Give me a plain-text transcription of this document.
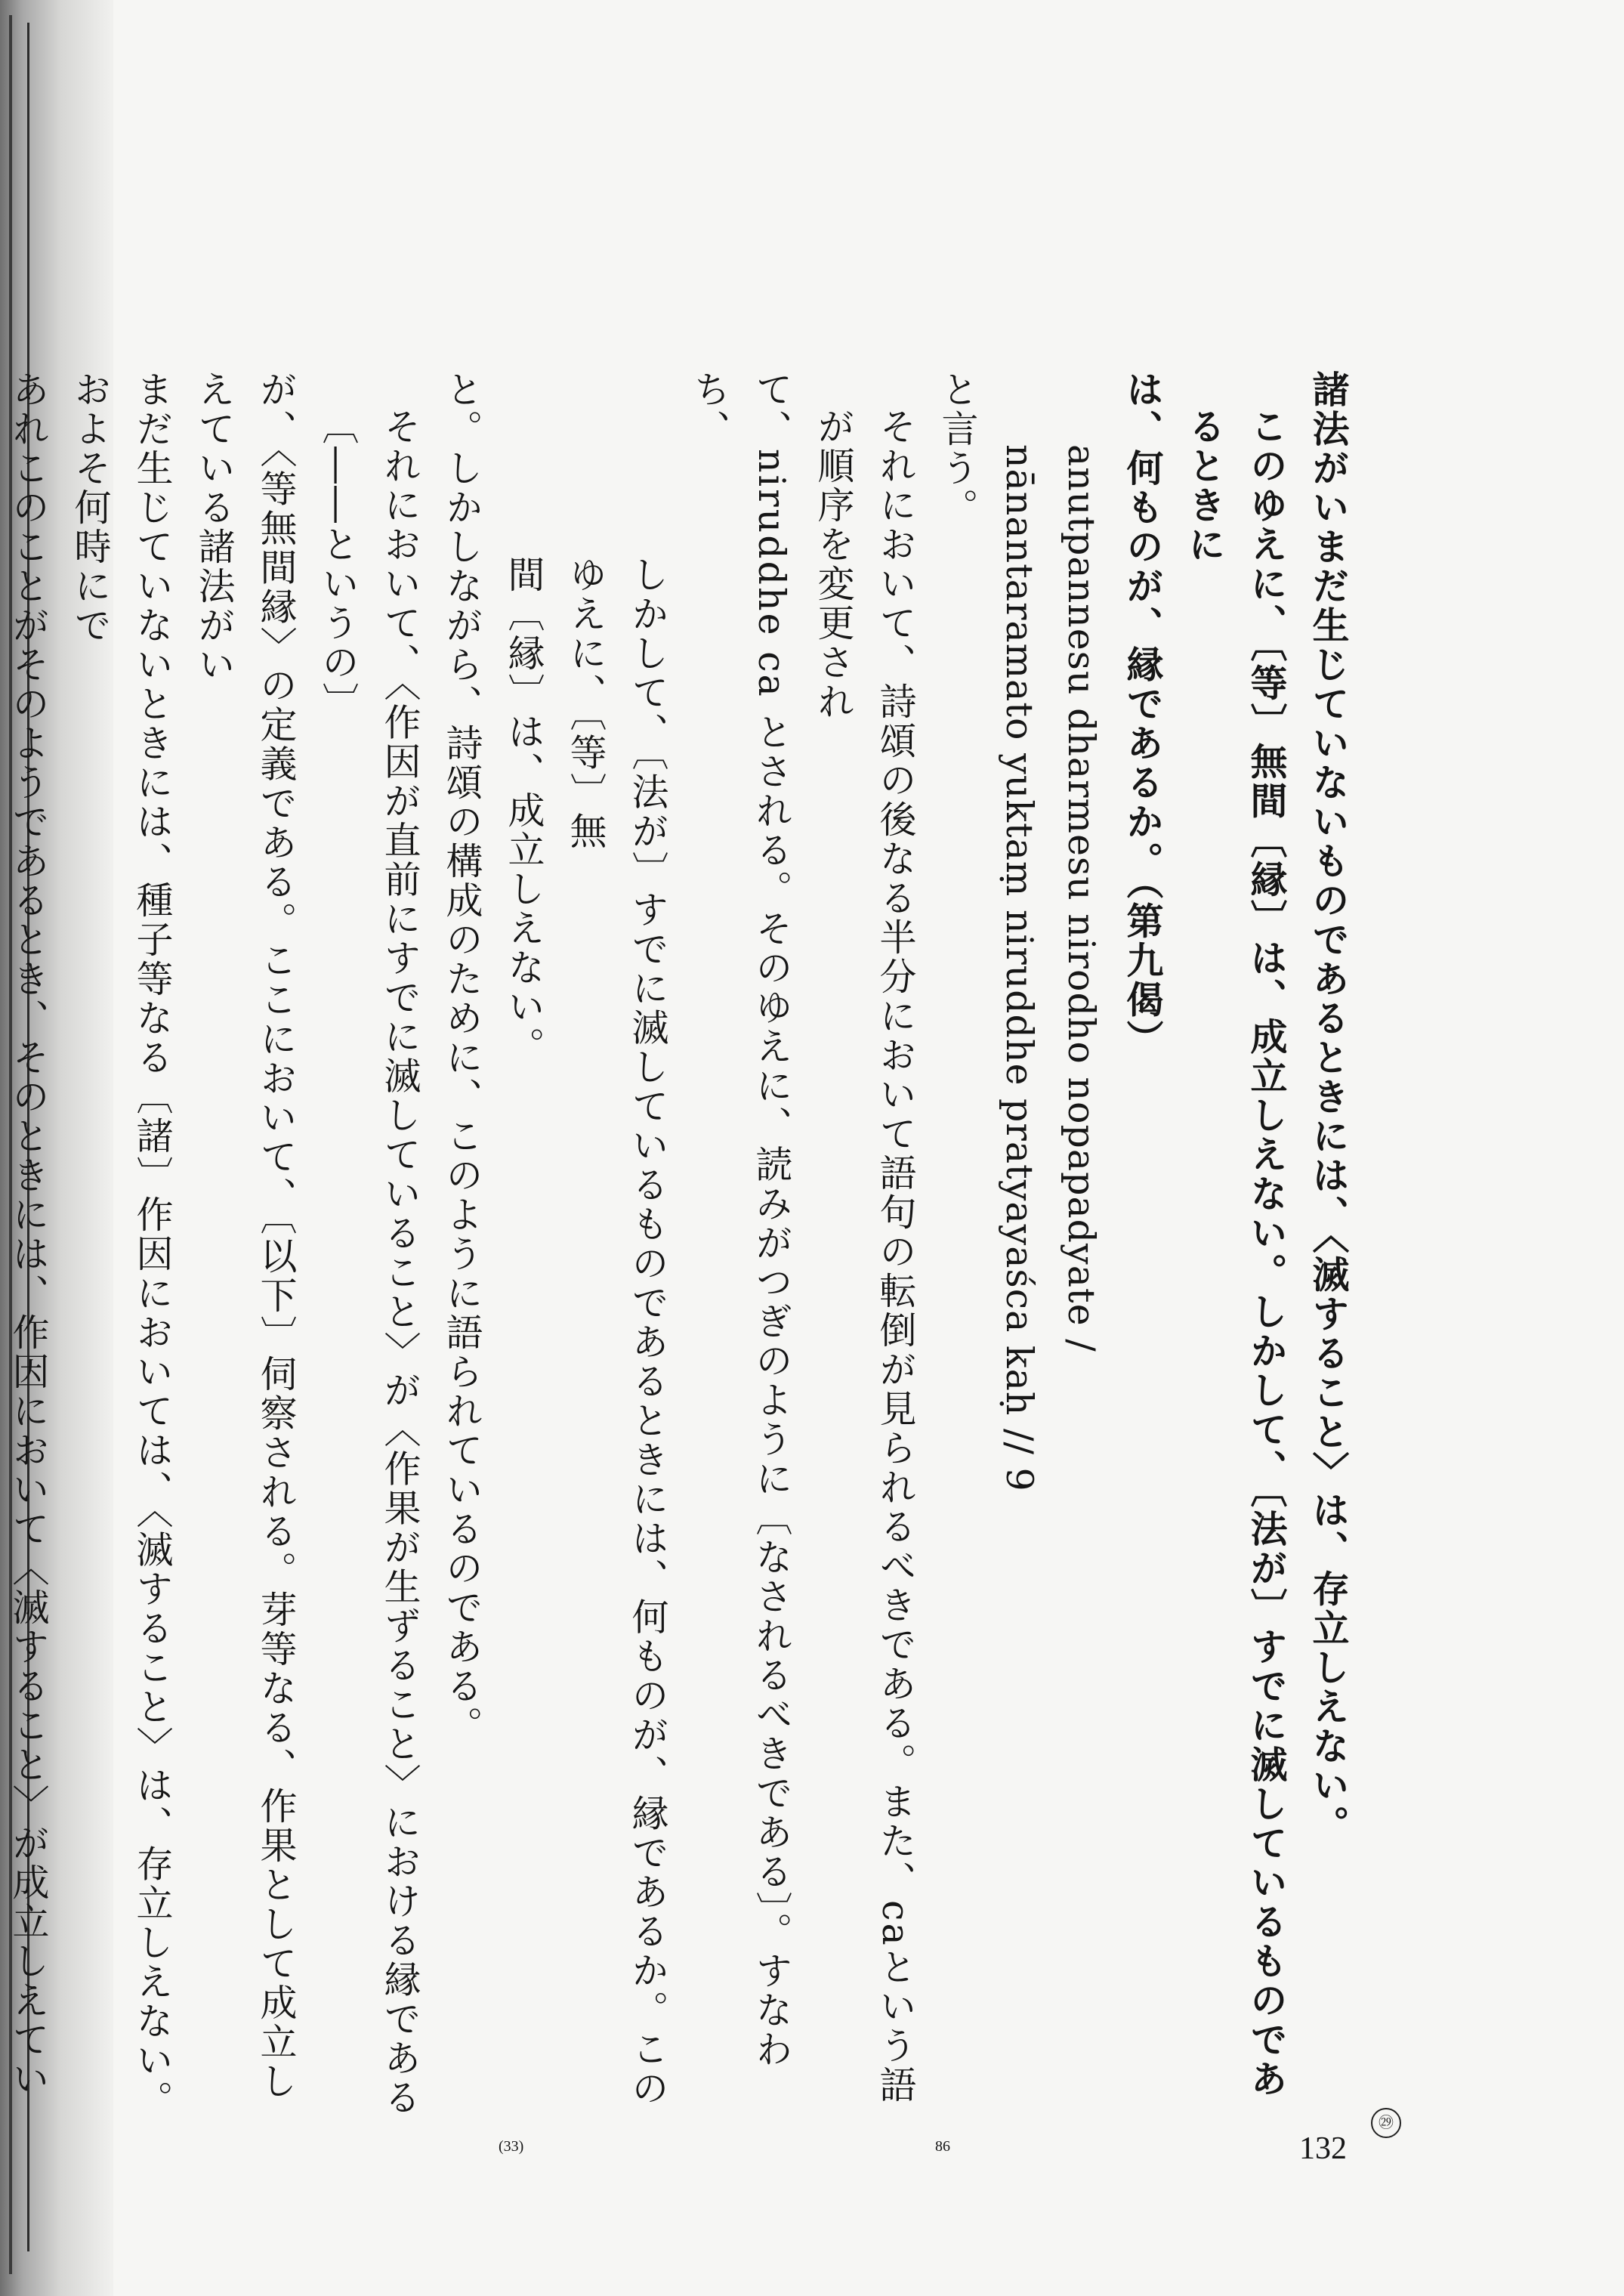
諸法がいまだ生じていないものであるときには、〈滅すること〉は、存立しえない。

このゆえに、〔等〕無間〔縁〕は、成立しえない。しかして、〔法が〕すでに滅しているものであるときに

は、何ものが、縁であるか。（第九偈）

anutpannesu dharmesu nirodho nopapadyate /

nānantaramato yuktaṃ niruddhe pratyayaśca kaḥ // 9

と言う。

それにおいて、詩頌の後なる半分において語句の転倒が見られるべきである。また、caという語が順序を変更され

て、niruddhe ca とされる。そのゆえに、読みがつぎのように〔なされるべきである〕。すなわち、

しかして、〔法が〕すでに滅しているものであるときには、何ものが、縁であるか。このゆえに、〔等〕無

間〔縁〕は、成立しえない。

と。しかしながら、詩頌の構成のために、このように語られているのである。

それにおいて、〈作因が直前にすでに滅していること〉が〈作果が生ずること〉における縁である〔――というの〕

が、〈等無間縁〉の定義である。ここにおいて、〔以下〕伺察される。芽等なる、作果として成立しえている諸法がい

まだ生じていないときには、種子等なる〔諸〕作因においては、〈滅すること〉は、存立しえない。およそ何時にで

あれこのことがそのようであるとき、そのときには、作因において〈滅すること〉が成立しえてい

86
(33)
㉙
132
